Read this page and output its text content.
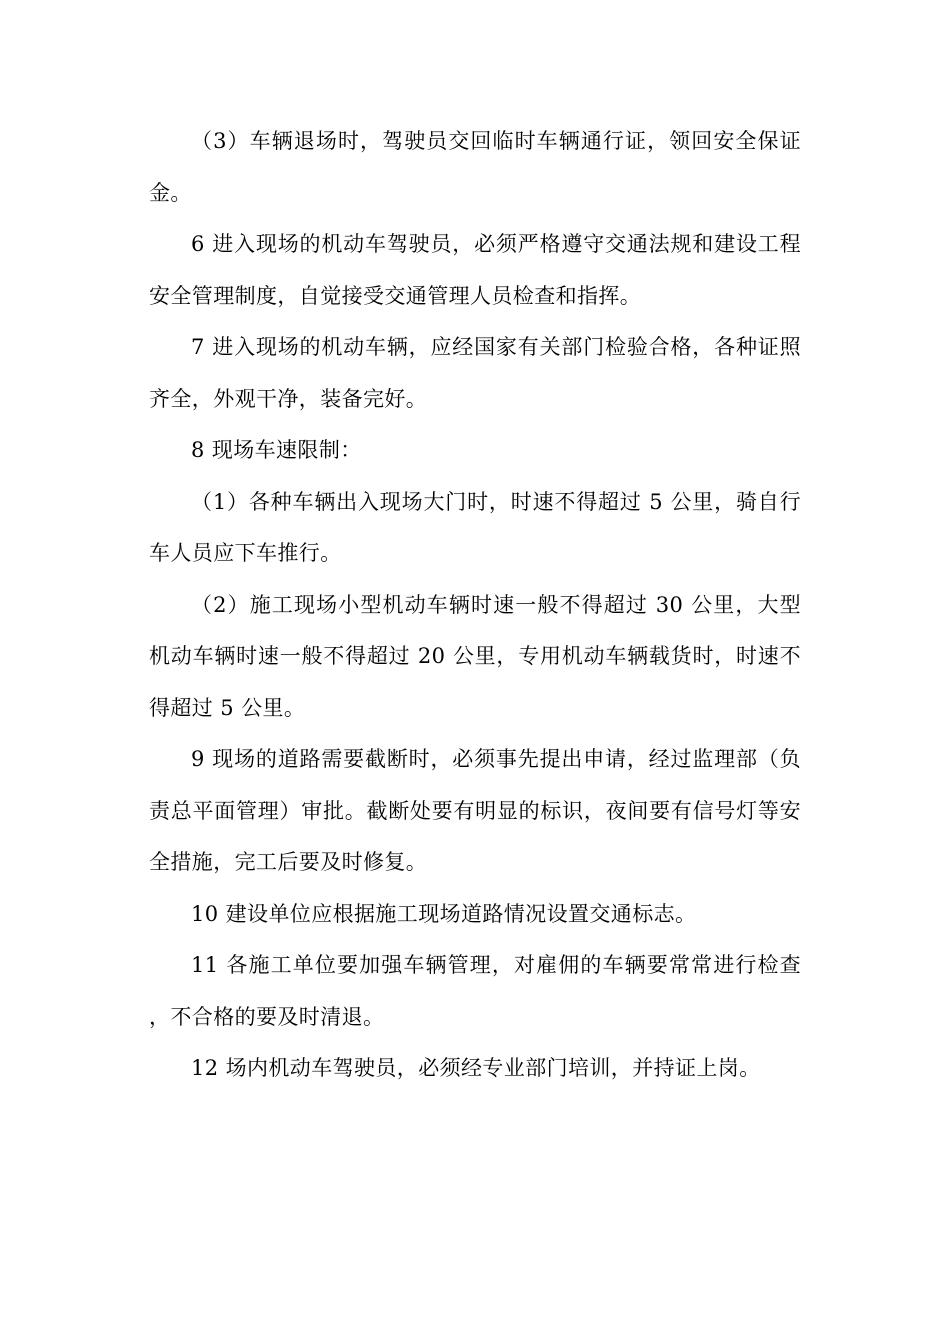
（3）车辆退场时，驾驶员交回临时车辆通行证，领回安全保证金。

6 进入现场的机动车驾驶员，必须严格遵守交通法规和建设工程安全管理制度，自觉接受交通管理人员检查和指挥。

7 进入现场的机动车辆，应经国家有关部门检验合格，各种证照齐全，外观干净，装备完好。

8 现场车速限制：

（1）各种车辆出入现场大门时，时速不得超过 5 公里，骑自行车人员应下车推行。

（2）施工现场小型机动车辆时速一般不得超过 30 公里，大型机动车辆时速一般不得超过 20 公里，专用机动车辆载货时，时速不得超过 5 公里。

9 现场的道路需要截断时，必须事先提出申请，经过监理部（负责总平面管理）审批。截断处要有明显的标识，夜间要有信号灯等安全措施，完工后要及时修复。

10 建设单位应根据施工现场道路情况设置交通标志。

11 各施工单位要加强车辆管理，对雇佣的车辆要常常进行检查，不合格的要及时清退。

12 场内机动车驾驶员，必须经专业部门培训，并持证上岗。
